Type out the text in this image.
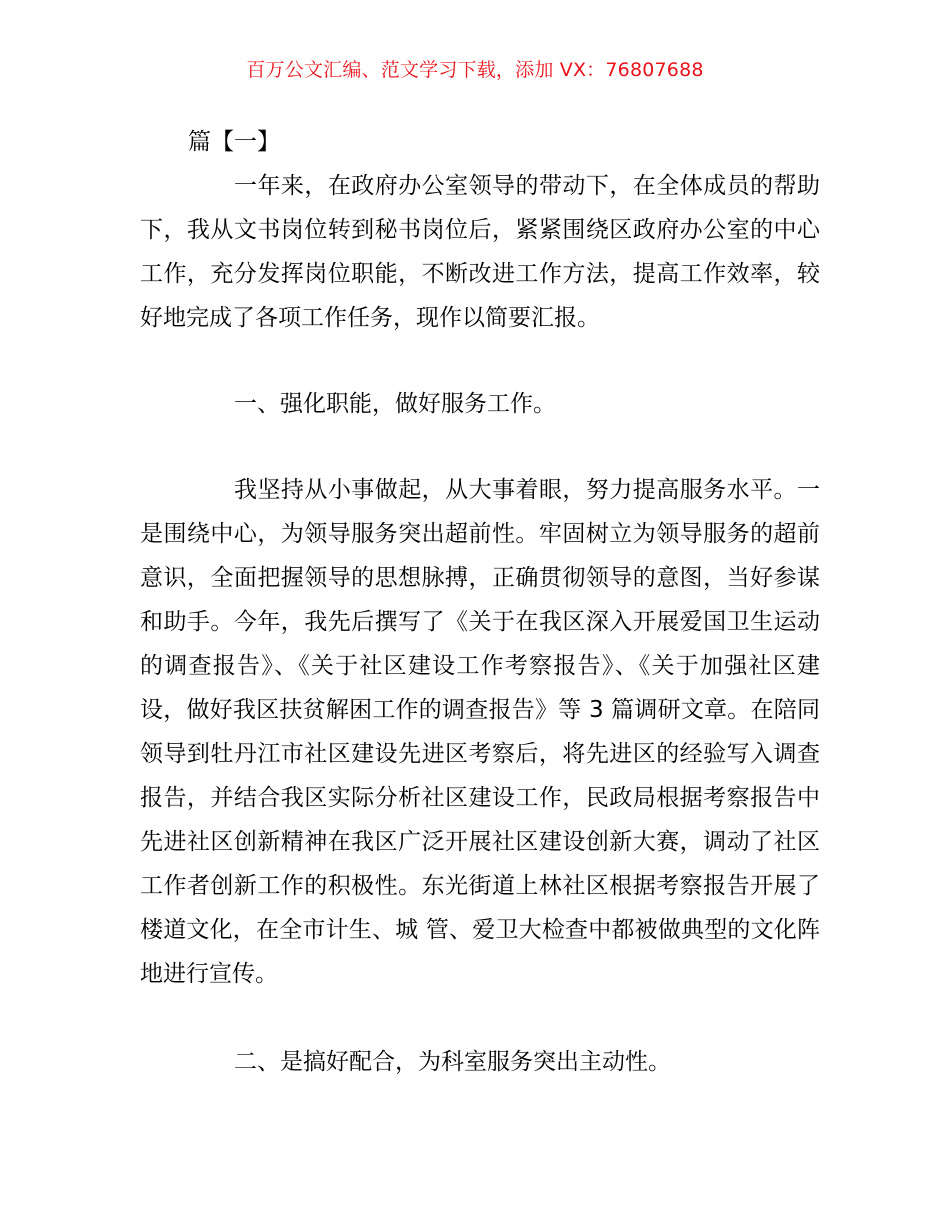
百万公文汇编、范文学习下载，添加 VX：76807688

篇【一】

一年来，在政府办公室领导的带动下，在全体成员的帮助下，我从文书岗位转到秘书岗位后，紧紧围绕区政府办公室的中心工作，充分发挥岗位职能，不断改进工作方法，提高工作效率，较好地完成了各项工作任务，现作以简要汇报。

一、强化职能，做好服务工作。

我坚持从小事做起，从大事着眼，努力提高服务水平。一是围绕中心，为领导服务突出超前性。牢固树立为领导服务的超前意识，全面把握领导的思想脉搏，正确贯彻领导的意图，当好参谋和助手。今年，我先后撰写了《关于在我区深入开展爱国卫生运动的调查报告》、《关于社区建设工作考察报告》、《关于加强社区建设，做好我区扶贫解困工作的调查报告》等 3 篇调研文章。在陪同领导到牡丹江市社区建设先进区考察后，将先进区的经验写入调查报告，并结合我区实际分析社区建设工作，民政局根据考察报告中先进社区创新精神在我区广泛开展社区建设创新大赛，调动了社区工作者创新工作的积极性。东光街道上林社区根据考察报告开展了楼道文化，在全市计生、城 管、爱卫大检查中都被做典型的文化阵地进行宣传。

二、是搞好配合，为科室服务突出主动性。
